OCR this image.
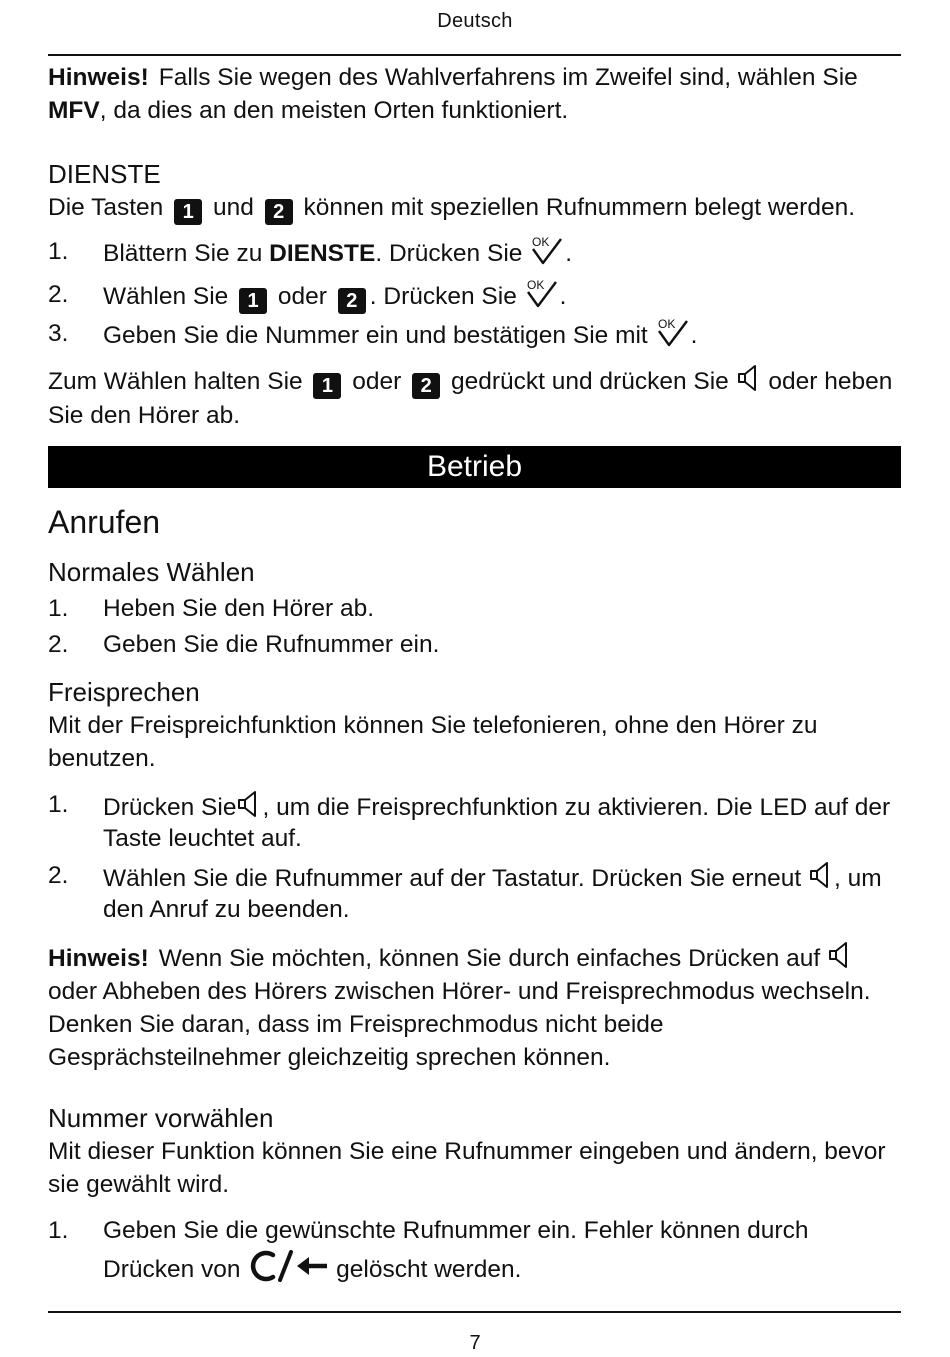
Deutsch

Hinweis! Falls Sie wegen des Wahlverfahrens im Zweifel sind, wählen Sie MFV, da dies an den meisten Orten funktioniert.

DIENSTE

Die Tasten 1 und 2 können mit speziellen Rufnummern belegt werden.

1. Blättern Sie zu DIENSTE. Drücken Sie OK .
2. Wählen Sie 1 oder 2 . Drücken Sie OK .
3. Geben Sie die Nummer ein und bestätigen Sie mit OK .

Zum Wählen halten Sie 1 oder 2 gedrückt und drücken Sie oder heben Sie den Hörer ab.

Betrieb

Anrufen

Normales Wählen

1. Heben Sie den Hörer ab.
2. Geben Sie die Rufnummer ein.

Freisprechen

Mit der Freispreichfunktion können Sie telefonieren, ohne den Hörer zu benutzen.

1. Drücken Sie , um die Freisprechfunktion zu aktivieren. Die LED auf der Taste leuchtet auf.
2. Wählen Sie die Rufnummer auf der Tastatur. Drücken Sie erneut , um den Anruf zu beenden.

Hinweis! Wenn Sie möchten, können Sie durch einfaches Drücken auf  oder Abheben des Hörers zwischen Hörer- und Freisprechmodus wechseln. Denken Sie daran, dass im Freisprechmodus nicht beide Gesprächsteilnehmer gleichzeitig sprechen können.

Nummer vorwählen

Mit dieser Funktion können Sie eine Rufnummer eingeben und ändern, bevor sie gewählt wird.

1. Geben Sie die gewünschte Rufnummer ein. Fehler können durch Drücken von	gelöscht werden.
7
